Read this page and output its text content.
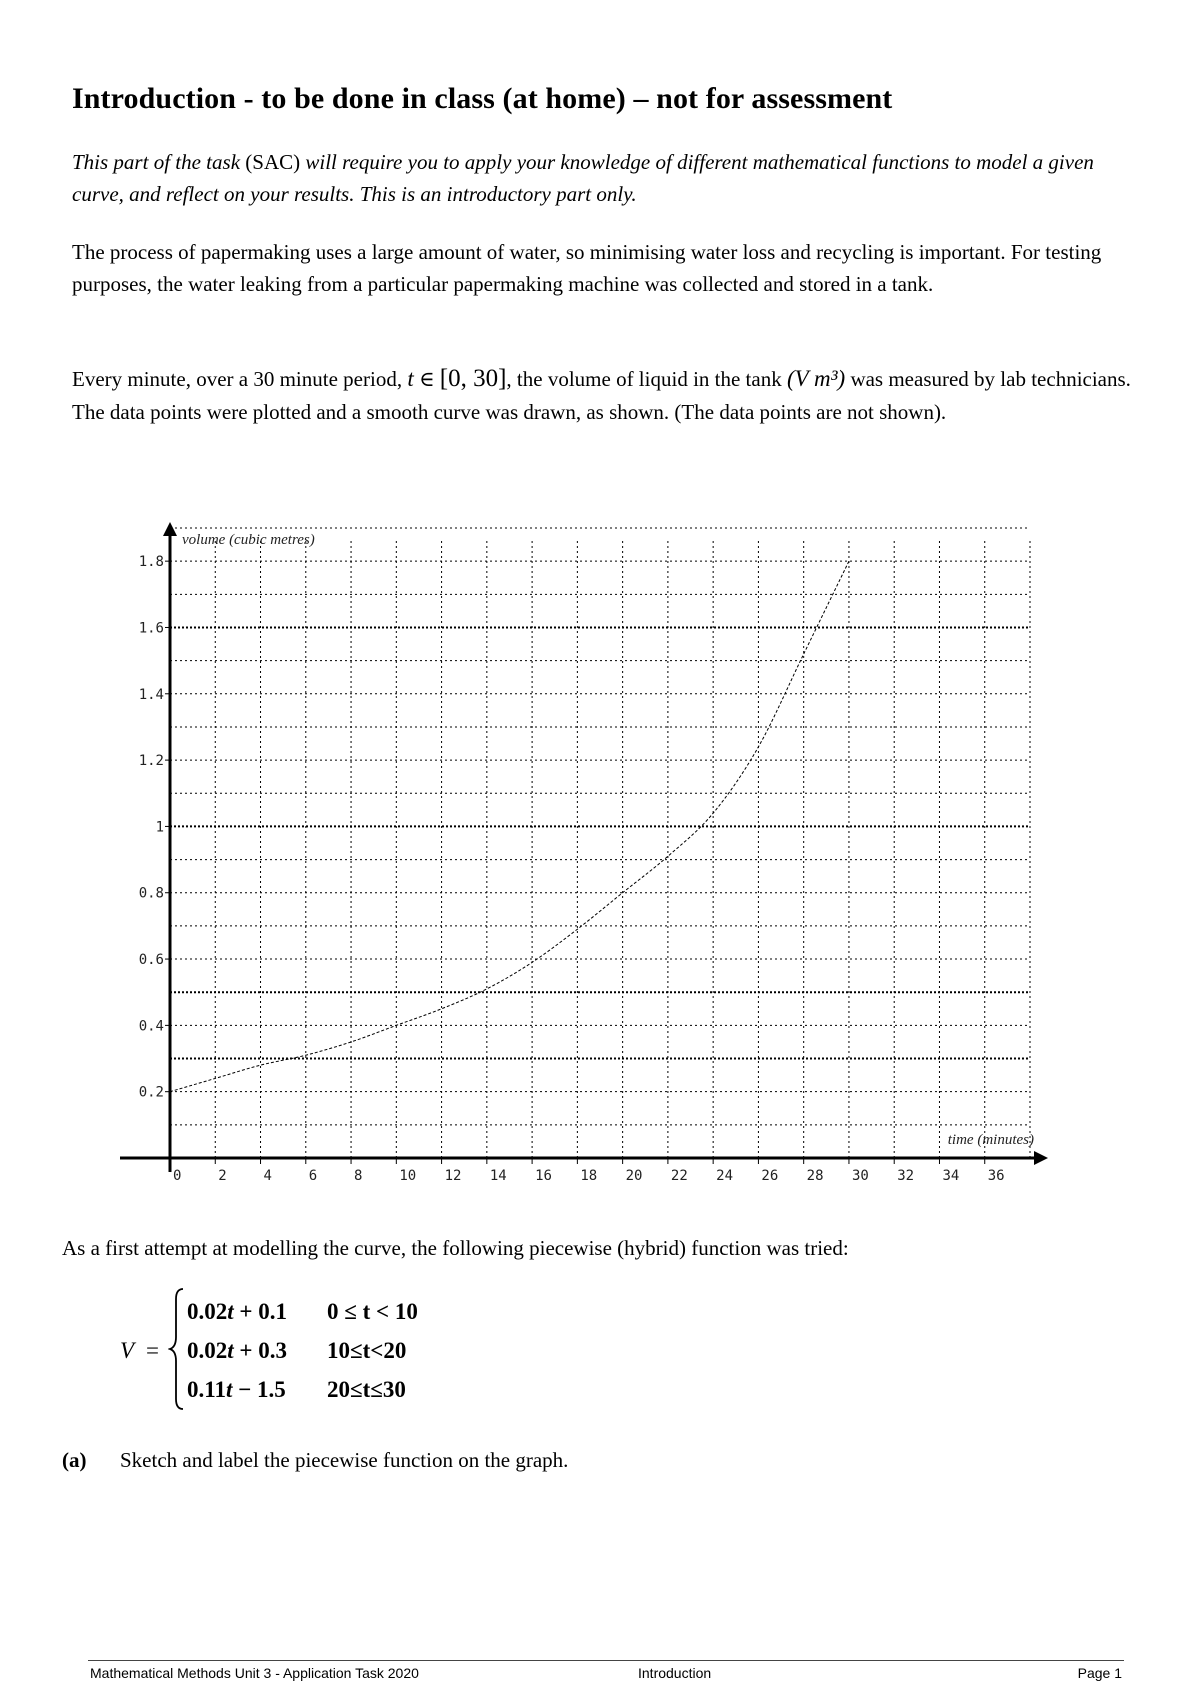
Introduction - to be done in class (at home) – not for assessment

This part of the task (SAC) will require you to apply your knowledge of different mathematical functions to model a given curve, and reflect on your results. This is an introductory part only.

The process of papermaking uses a large amount of water, so minimising water loss and recycling is important. For testing purposes, the water leaking from a particular papermaking machine was collected and stored in a tank.

Every minute, over a 30 minute period, t ∈ [0, 30], the volume of liquid in the tank (V m³) was measured by lab technicians. The data points were plotted and a smooth curve was drawn, as shown. (The data points are not shown).

0.2
0.4
0.6
0.8
1
1.2
1.4
1.6
1.8
0	2	4	6	8	10 12 14 16 18 20 22 24 26 28 30 32 34 36
volume (cubic metres)
time (minutes)

As a first attempt at modelling the curve, the following piecewise (hybrid) function was tried:

V =
0.02t + 0.1 0 ≤ t < 10
0.02t + 0.3 10≤t<20
0.11t − 1.5 20≤t≤30

(a) Sketch and label the piecewise function on the graph.

Mathematical Methods Unit 3 - Application Task 2020	Introduction	Page 1
